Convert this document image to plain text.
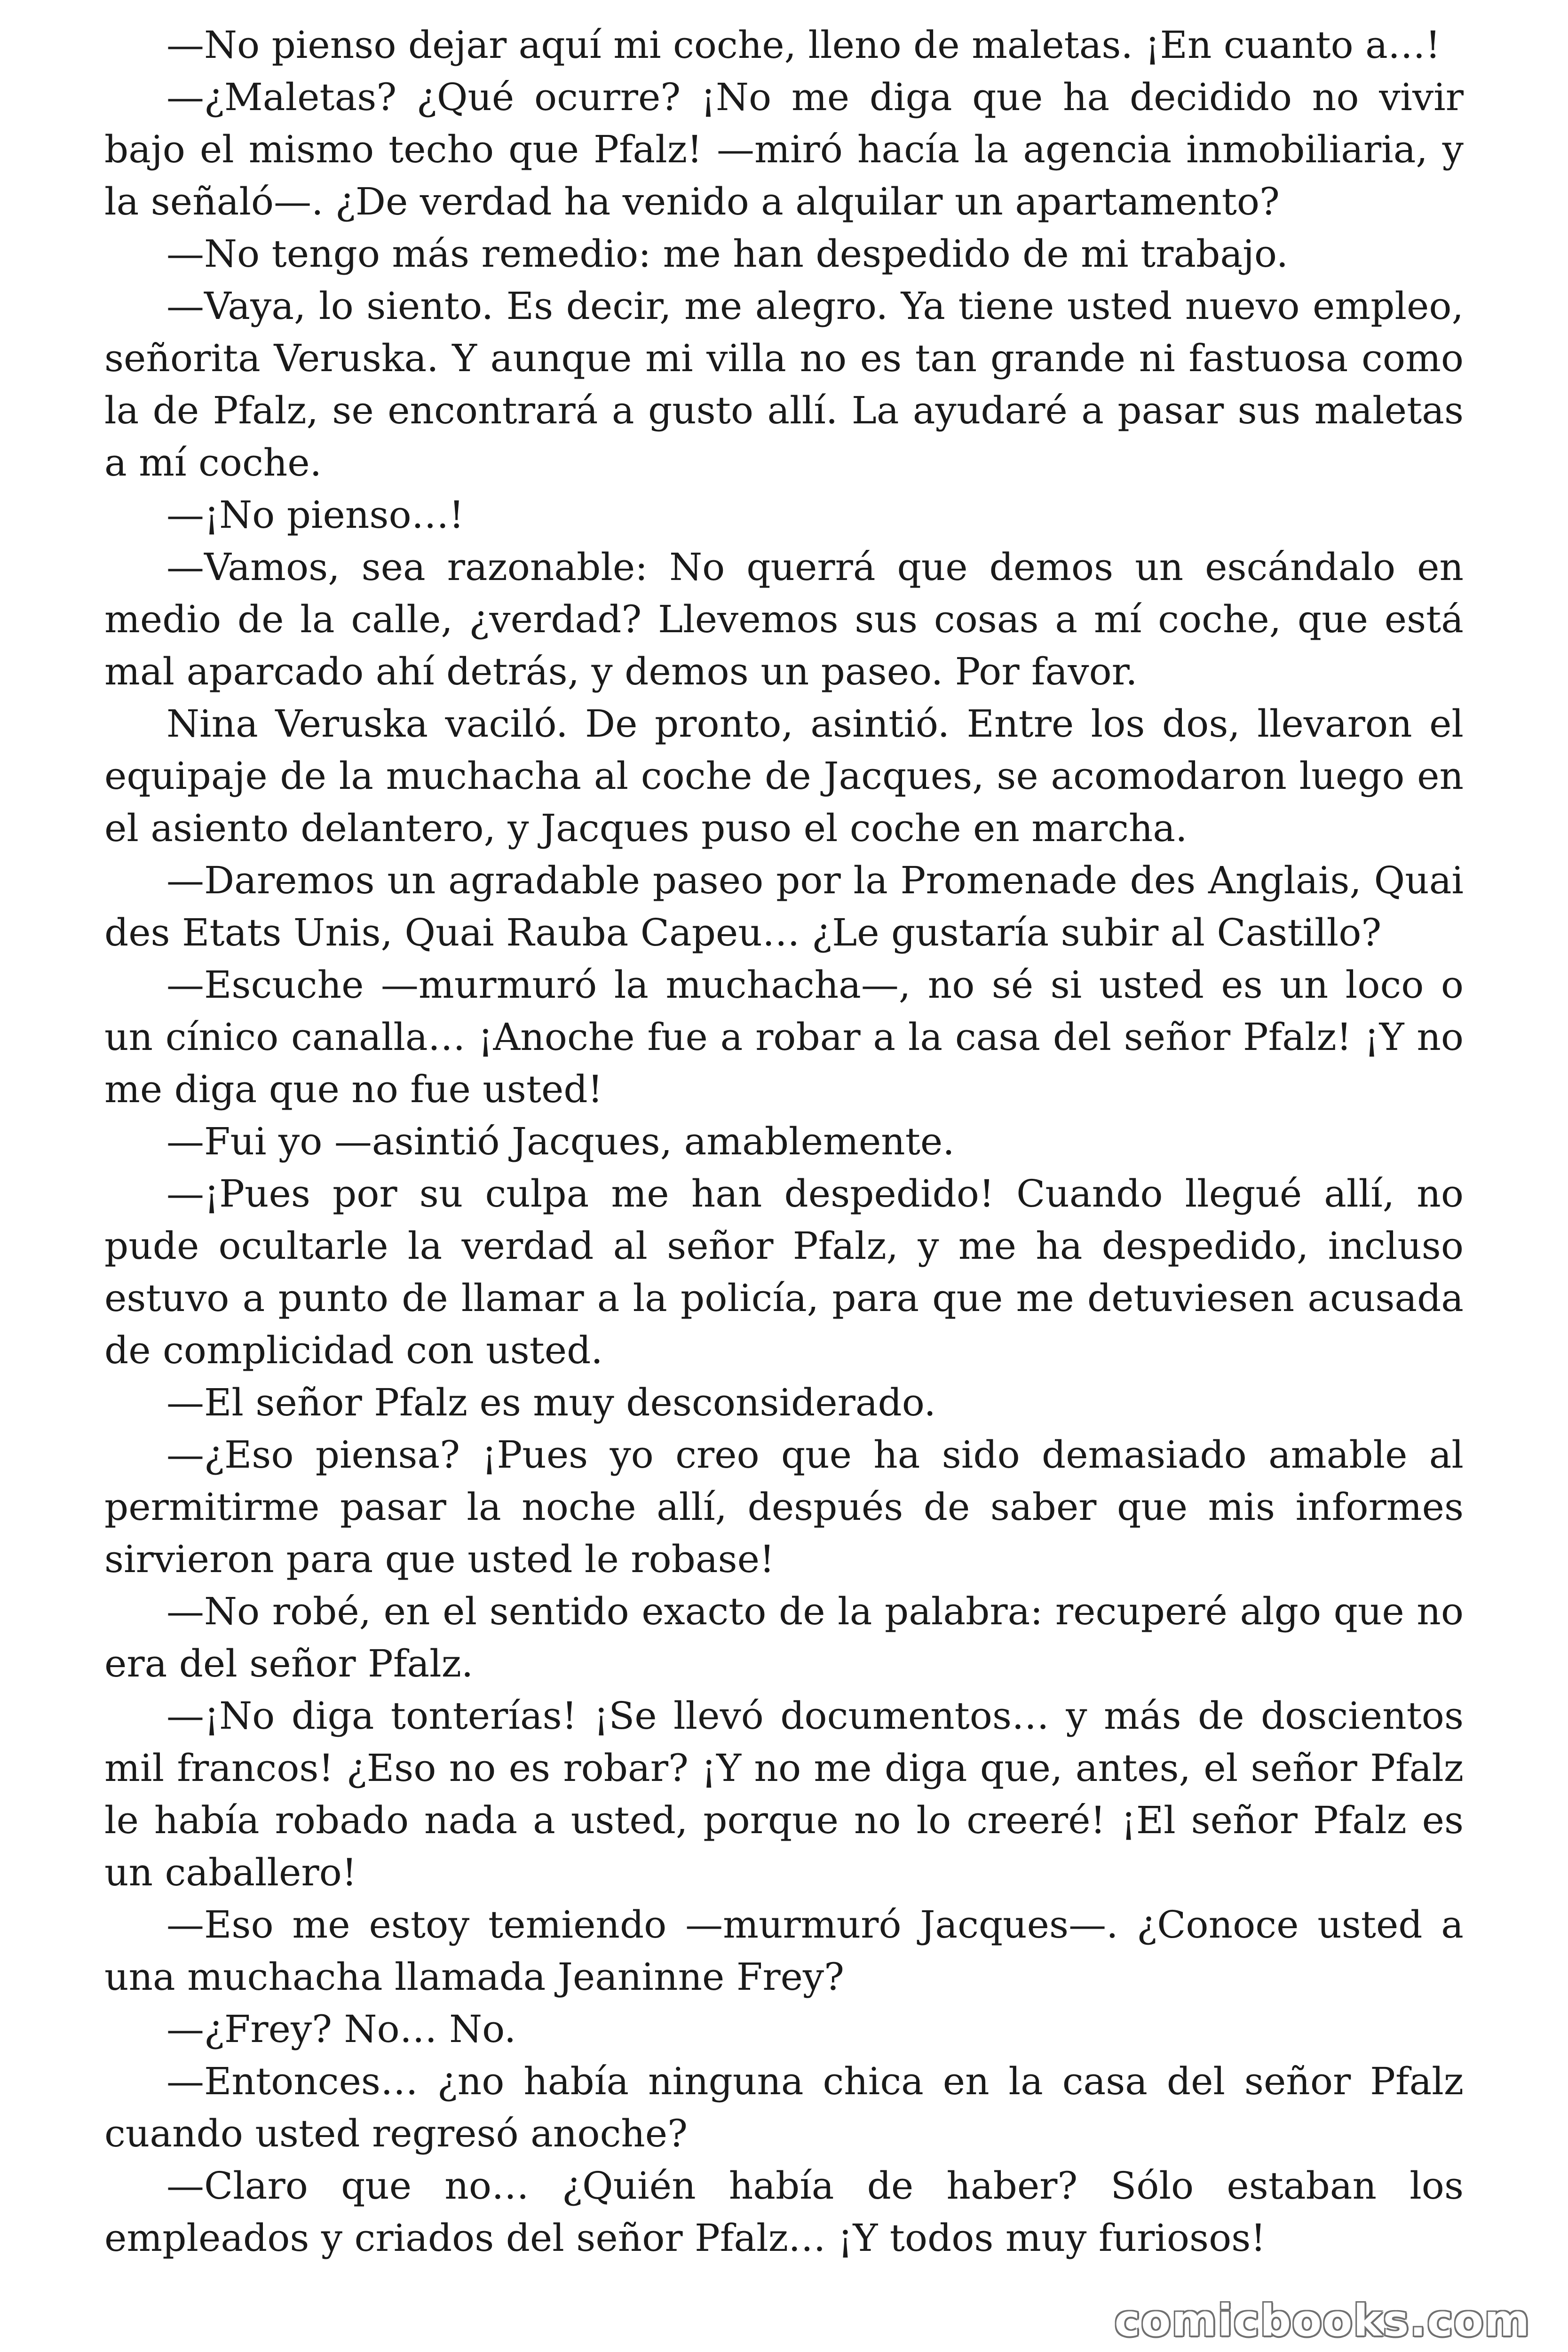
—No pienso dejar aquí mi coche, lleno de maletas. ¡En cuanto a…!

—¿Maletas? ¿Qué ocurre? ¡No me diga que ha decidido no vivir bajo el mismo techo que Pfalz! —miró hacía la agencia inmobiliaria, y la señaló—. ¿De verdad ha venido a alquilar un apartamento?

—No tengo más remedio: me han despedido de mi trabajo.

—Vaya, lo siento. Es decir, me alegro. Ya tiene usted nuevo empleo, señorita Veruska. Y aunque mi villa no es tan grande ni fastuosa como la de Pfalz, se encontrará a gusto allí. La ayudaré a pasar sus maletas a mí coche.

—¡No pienso…!

—Vamos, sea razonable: No querrá que demos un escándalo en medio de la calle, ¿verdad? Llevemos sus cosas a mí coche, que está mal aparcado ahí detrás, y demos un paseo. Por favor.

Nina Veruska vaciló. De pronto, asintió. Entre los dos, llevaron el equipaje de la muchacha al coche de Jacques, se acomodaron luego en el asiento delantero, y Jacques puso el coche en marcha.

—Daremos un agradable paseo por la Promenade des Anglais, Quai des Etats Unis, Quai Rauba Capeu… ¿Le gustaría subir al Castillo?

—Escuche —murmuró la muchacha—, no sé si usted es un loco o un cínico canalla… ¡Anoche fue a robar a la casa del señor Pfalz! ¡Y no me diga que no fue usted!

—Fui yo —asintió Jacques, amablemente.

—¡Pues por su culpa me han despedido! Cuando llegué allí, no pude ocultarle la verdad al señor Pfalz, y me ha despedido, incluso estuvo a punto de llamar a la policía, para que me detuviesen acusada de complicidad con usted.

—El señor Pfalz es muy desconsiderado.

—¿Eso piensa? ¡Pues yo creo que ha sido demasiado amable al permitirme pasar la noche allí, después de saber que mis informes sirvieron para que usted le robase!

—No robé, en el sentido exacto de la palabra: recuperé algo que no era del señor Pfalz.

—¡No diga tonterías! ¡Se llevó documentos… y más de doscientos mil francos! ¿Eso no es robar? ¡Y no me diga que, antes, el señor Pfalz le había robado nada a usted, porque no lo creeré! ¡El señor Pfalz es un caballero!

—Eso me estoy temiendo —murmuró Jacques—. ¿Conoce usted a una muchacha llamada Jeaninne Frey?

—¿Frey? No… No.

—Entonces… ¿no había ninguna chica en la casa del señor Pfalz cuando usted regresó anoche?

—Claro que no… ¿Quién había de haber? Sólo estaban los empleados y criados del señor Pfalz… ¡Y todos muy furiosos!

comicbooks.com
